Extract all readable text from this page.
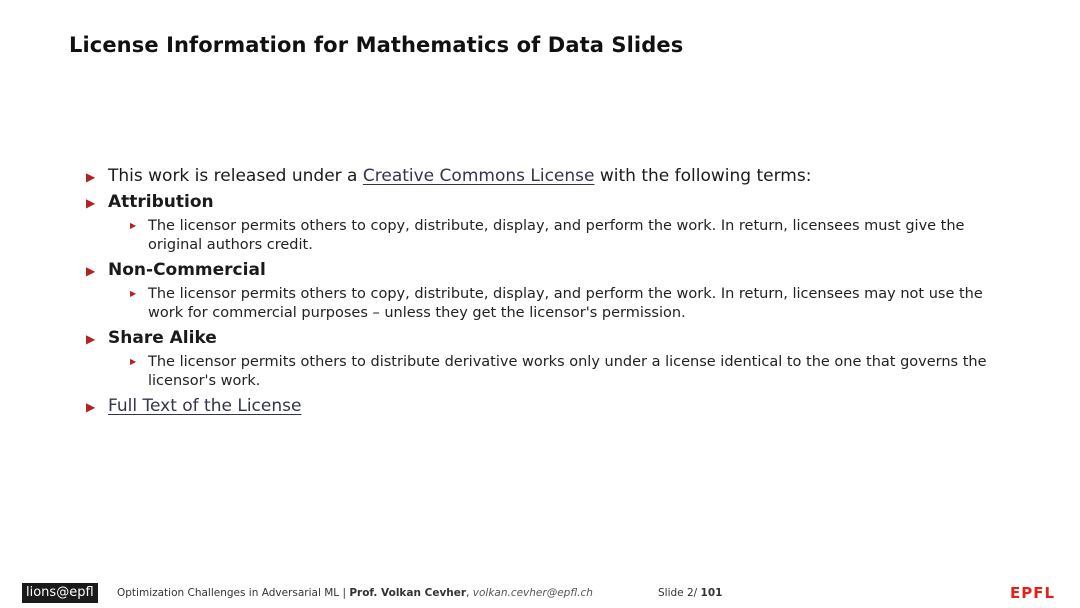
License Information for Mathematics of Data Slides
▶ This work is released under a Creative Commons License with the following terms:
▶ Attribution
▶ The licensor permits others to copy, distribute, display, and perform the work. In return, licensees must give the original authors credit.
▶ Non-Commercial
▶ The licensor permits others to copy, distribute, display, and perform the work. In return, licensees may not use the work for commercial purposes – unless they get the licensor's permission.
▶ Share Alike
▶ The licensor permits others to distribute derivative works only under a license identical to the one that governs the licensor's work.
▶ Full Text of the License
lions@epfl	Optimization Challenges in Adversarial ML | Prof. Volkan Cevher, volkan.cevher@epfl.ch	Slide 2/ 101	EPFL
